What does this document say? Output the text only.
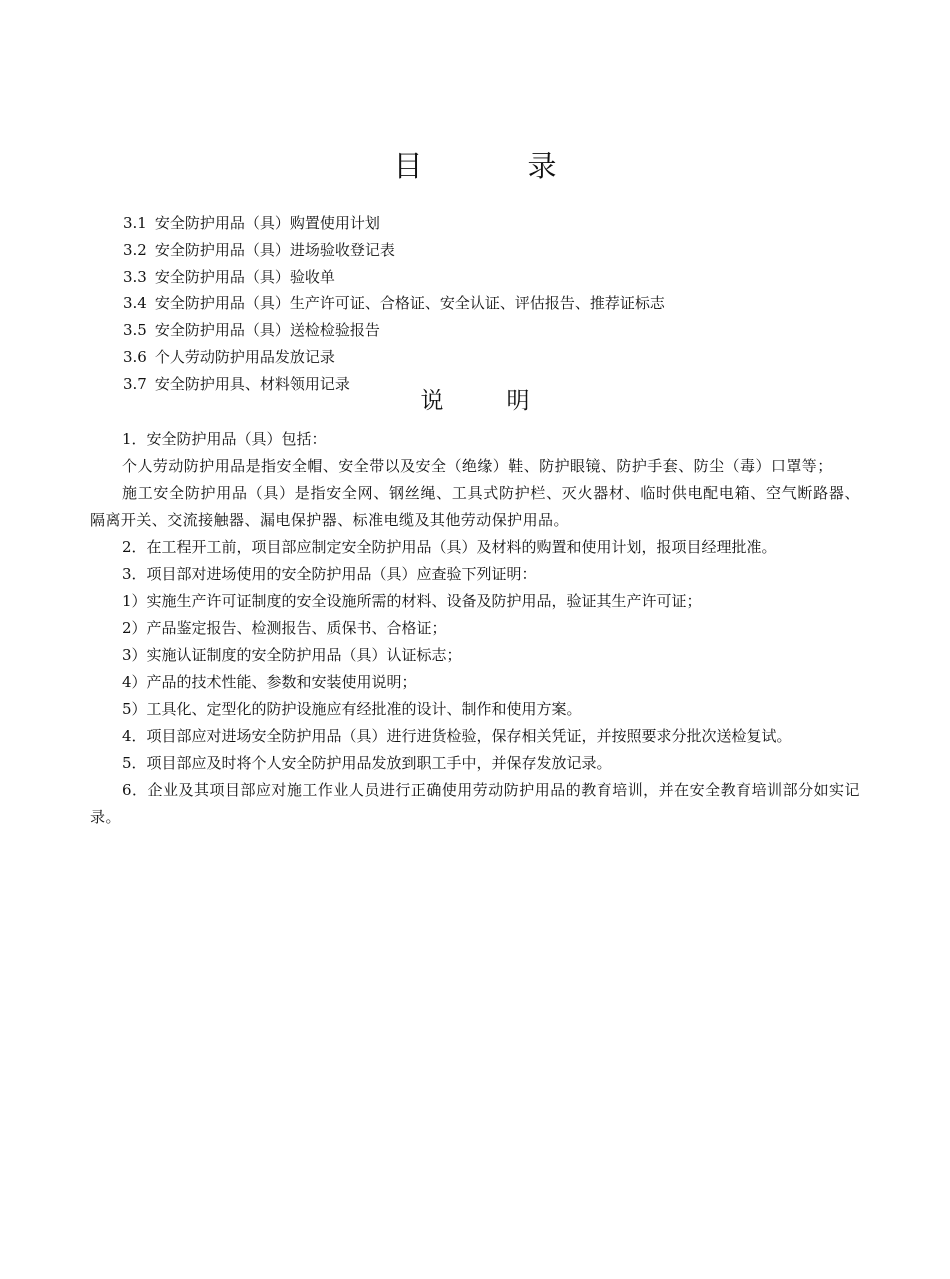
目　录
3.1 安全防护用品（具）购置使用计划
3.2 安全防护用品（具）进场验收登记表
3.3 安全防护用品（具）验收单
3.4 安全防护用品（具）生产许可证、合格证、安全认证、评估报告、推荐证标志
3.5 安全防护用品（具）送检检验报告
3.6 个人劳动防护用品发放记录
3.7 安全防护用具、材料领用记录
说　明

1．安全防护用品（具）包括：

个人劳动防护用品是指安全帽、安全带以及安全（绝缘）鞋、防护眼镜、防护手套、防尘（毒）口罩等；

施工安全防护用品（具）是指安全网、钢丝绳、工具式防护栏、灭火器材、临时供电配电箱、空气断路器、隔离开关、交流接触器、漏电保护器、标准电缆及其他劳动保护用品。

2．在工程开工前，项目部应制定安全防护用品（具）及材料的购置和使用计划，报项目经理批准。

3．项目部对进场使用的安全防护用品（具）应查验下列证明：

1）实施生产许可证制度的安全设施所需的材料、设备及防护用品，验证其生产许可证；

2）产品鉴定报告、检测报告、质保书、合格证；

3）实施认证制度的安全防护用品（具）认证标志；

4）产品的技术性能、参数和安装使用说明；

5）工具化、定型化的防护设施应有经批准的设计、制作和使用方案。

4．项目部应对进场安全防护用品（具）进行进货检验，保存相关凭证，并按照要求分批次送检复试。

5．项目部应及时将个人安全防护用品发放到职工手中，并保存发放记录。

6．企业及其项目部应对施工作业人员进行正确使用劳动防护用品的教育培训，并在安全教育培训部分如实记录。
